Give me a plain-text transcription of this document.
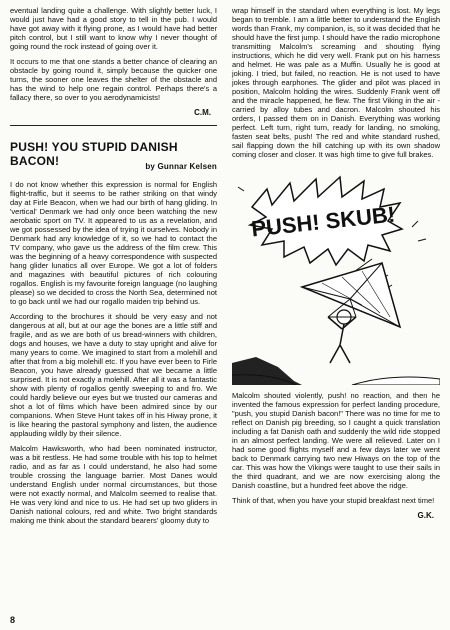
eventual landing quite a challenge. With slightly better luck, I would just have had a good story to tell in the pub. I would have got away with it flying prone, as I would have had better pitch control, but I still want to know why I never thought of going round the rock instead of going over it.

It occurs to me that one stands a better chance of clearing an obstacle by going round it, simply because the quicker one turns, the sooner one leaves the shelter of the obstacle and has the wind to help one regain control. Perhaps there's a fallacy there, so over to you aerodynamicists!

C.M.
PUSH! YOU STUPID DANISH BACON!	by Gunnar Kelsen

I do not know whether this expression is normal for English flight-traffic, but it seems to be rather striking on that windy day at Firle Beacon, when we had our birth of hang gliding. In 'vertical' Denmark we had only once been watching the new aerobatic sport on TV. It appeared to us as a revelation, and we got possessed by the idea of trying it ourselves. Nobody in Denmark had any knowledge of it, so we had to contact the TV company, who gave us the address of the film crew. This was the beginning of a heavy correspondence with suspected hang glider lunatics all over Europe. We got a lot of folders and magazines with beautiful pictures of rich colouring rogallos. English is my favourite foreign language (no laughing please) so we decided to cross the North Sea, determined not to go back until we had our rogallo maiden trip behind us.

According to the brochures it should be very easy and not dangerous at all, but at our age the bones are a little stiff and fragile, and as we are both of us bread-winners with children, dogs and houses, we have a duty to stay upright and alive for many years to come. We imagined to start from a molehill and after that from a big molehill etc. If you have ever been to Firle Beacon, you have already guessed that we became a little surprised. It is not exactly a molehill. After all it was a fantastic show with plenty of rogallos gently sweeping to and fro. We could hardly believe our eyes but we trusted our cameras and shot a lot of films which have been admired since by our companions. When Steve Hunt takes off in his Hiway prone, it is like hearing the pastoral symphony and listen, the audience applauding wildly by their silence.

Malcolm Hawksworth, who had been nominated instructor, was a bit restless. He had some trouble with his top to helmet radio, and as far as I could understand, he also had some trouble crossing the language barrier. Most Danes would understand English under normal circumstances, but those were not exactly normal, and Malcolm seemed to realise that. He was very kind and nice to us. He had set up two gliders in Danish national colours, red and white. Two bright standards making me think about the standard bearers' gloomy duty to

wrap himself in the standard when everything is lost. My legs began to tremble. I am a little better to understand the English words than Frank, my companion, is, so it was decided that he should have the first jump. I should have the radio microphone transmitting Malcolm's screaming and shouting flying instructions, which he did very well. Frank put on his harness and helmet. He was pale as a Muffin. Usually he is good at joking. I tried, but failed, no reaction. He is not used to have jokes through earphones. The glider and pilot was placed in position, Malcolm holding the wires. Suddenly Frank went off and the miracle happened, he flew. The first Viking in the air - carried by alloy tubes and dacron. Malcolm shouted his orders, I passed them on in Danish. Everything was working perfect. Left turn, right turn, ready for landing, no smoking, fasten seat belts, push! The red and white standard rushed, sail flapping down the hill catching up with its own shadow coming closer and closer. It was high time to give full brakes.

PUSH! SKUB!

Malcolm shouted violently, push! no reaction, and then he invented the famous expression for perfect landing procedure, "push, you stupid Danish bacon!" There was no time for me to reflect on Danish pig breeding, so I caught a quick translation including a fat Danish oath and suddenly the wild ride stopped in an almost perfect landing. We were all relieved. Later on I had some good flights myself and a few days later we went back to Denmark carrying two new Hiways on the top of the car. This was how the Vikings were taught to use their sails in the third quadrant, and we are now exercising along the Danish coastline, but a hundred feet above the ridge.

Think of that, when you have your stupid breakfast next time!

G.K.
8
